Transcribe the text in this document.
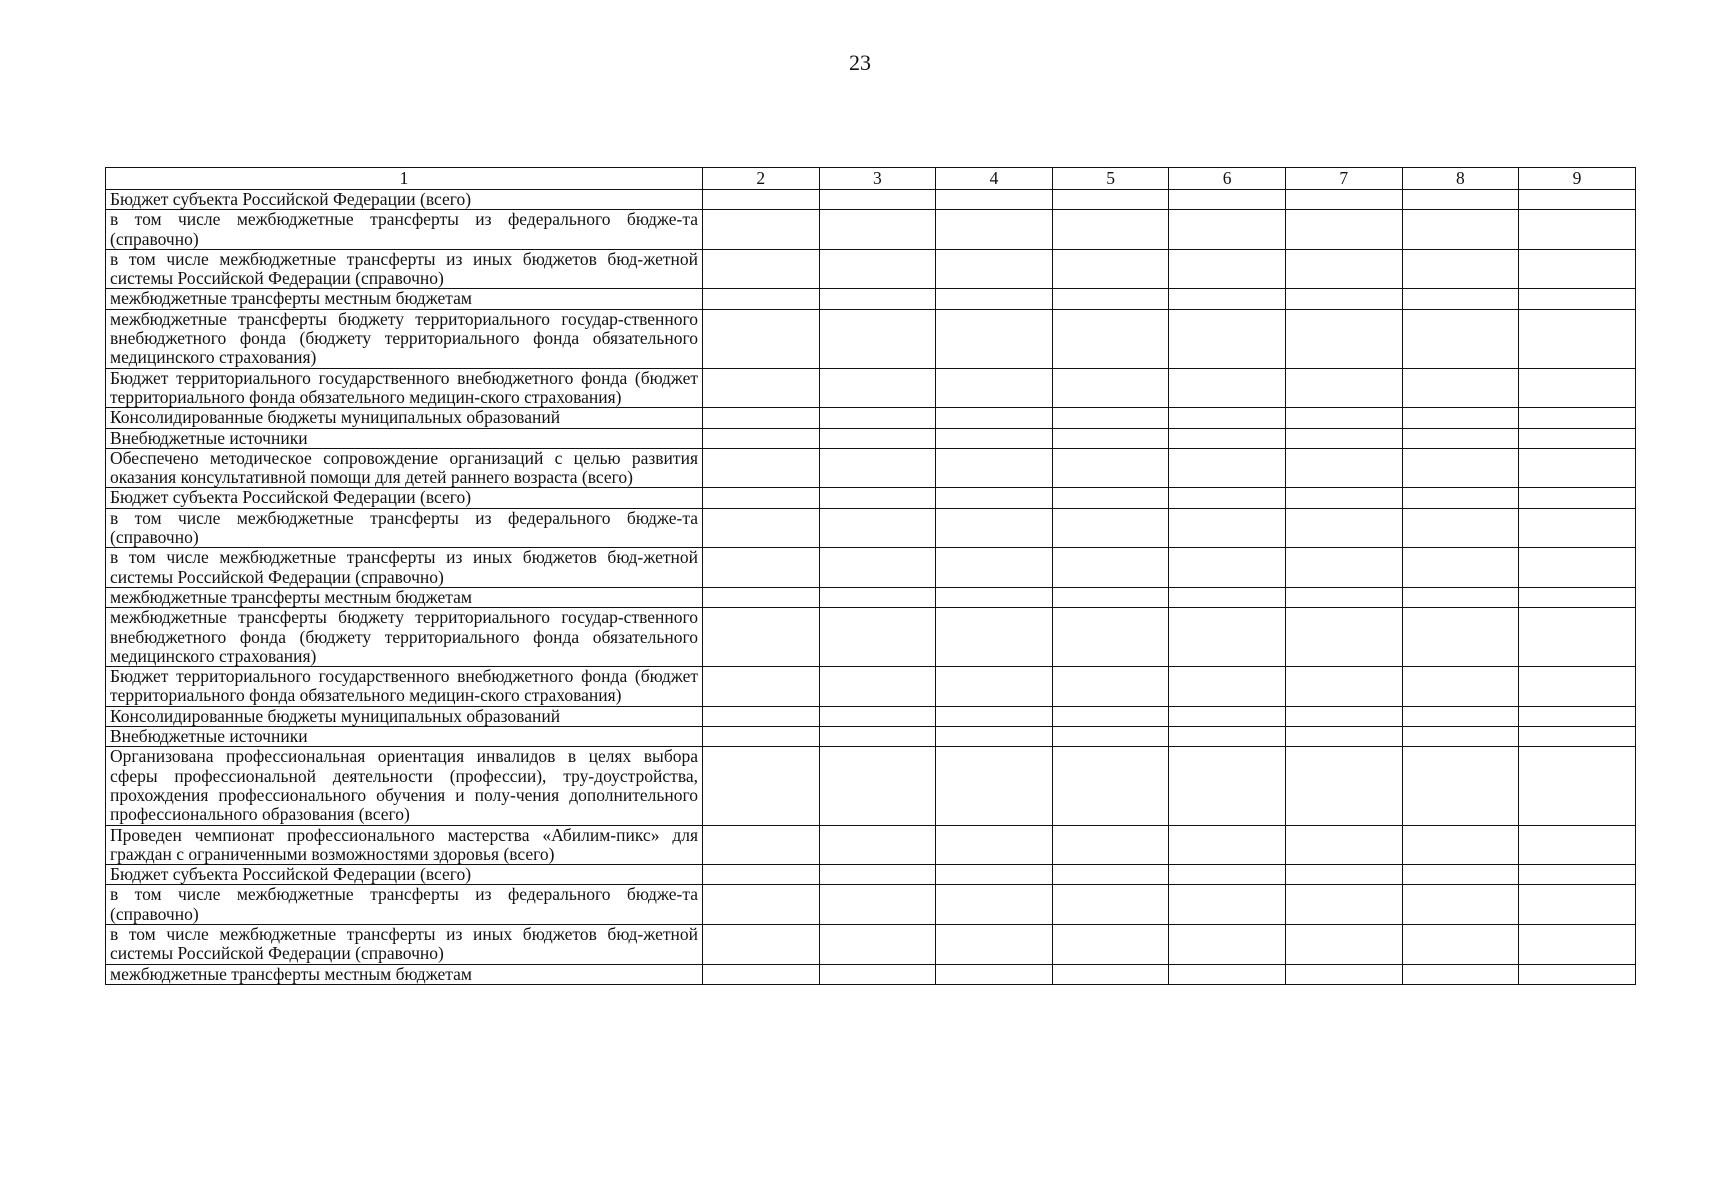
23
1	2	3	4	5	6	7	8	9
Бюджет субъекта Российской Федерации (всего)								
в том числе межбюджетные трансферты из федерального бюдже-та (справочно)								
в том числе межбюджетные трансферты из иных бюджетов бюд-жетной системы Российской Федерации (справочно)								
межбюджетные трансферты местным бюджетам								
межбюджетные трансферты бюджету территориального государ-ственного внебюджетного фонда (бюджету территориального фонда обязательного медицинского страхования)								
Бюджет территориального государственного внебюджетного фонда (бюджет территориального фонда обязательного медицин-ского страхования)								
Консолидированные бюджеты муниципальных образований								
Внебюджетные источники								
Обеспечено методическое сопровождение организаций с целью развития оказания консультативной помощи для детей раннего возраста (всего)								
Бюджет субъекта Российской Федерации (всего)								
в том числе межбюджетные трансферты из федерального бюдже-та (справочно)								
в том числе межбюджетные трансферты из иных бюджетов бюд-жетной системы Российской Федерации (справочно)								
межбюджетные трансферты местным бюджетам								
межбюджетные трансферты бюджету территориального государ-ственного внебюджетного фонда (бюджету территориального фонда обязательного медицинского страхования)								
Бюджет территориального государственного внебюджетного фонда (бюджет территориального фонда обязательного медицин-ского страхования)								
Консолидированные бюджеты муниципальных образований								
Внебюджетные источники								
Организована профессиональная ориентация инвалидов в целях выбора сферы профессиональной деятельности (профессии), тру-доустройства, прохождения профессионального обучения и полу-чения дополнительного профессионального образования (всего)								
Проведен чемпионат профессионального мастерства «Абилим-пикс» для граждан с ограниченными возможностями здоровья (всего)								
Бюджет субъекта Российской Федерации (всего)								
в том числе межбюджетные трансферты из федерального бюдже-та (справочно)								
в том числе межбюджетные трансферты из иных бюджетов бюд-жетной системы Российской Федерации (справочно)								
межбюджетные трансферты местным бюджетам								
